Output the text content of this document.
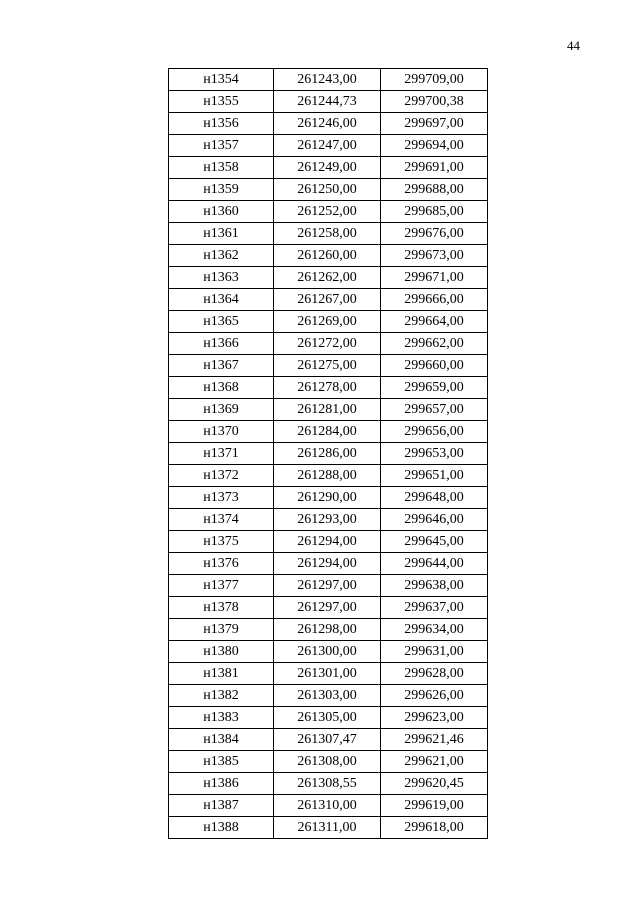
44
н1354	261243,00	299709,00
н1355	261244,73	299700,38
н1356	261246,00	299697,00
н1357	261247,00	299694,00
н1358	261249,00	299691,00
н1359	261250,00	299688,00
н1360	261252,00	299685,00
н1361	261258,00	299676,00
н1362	261260,00	299673,00
н1363	261262,00	299671,00
н1364	261267,00	299666,00
н1365	261269,00	299664,00
н1366	261272,00	299662,00
н1367	261275,00	299660,00
н1368	261278,00	299659,00
н1369	261281,00	299657,00
н1370	261284,00	299656,00
н1371	261286,00	299653,00
н1372	261288,00	299651,00
н1373	261290,00	299648,00
н1374	261293,00	299646,00
н1375	261294,00	299645,00
н1376	261294,00	299644,00
н1377	261297,00	299638,00
н1378	261297,00	299637,00
н1379	261298,00	299634,00
н1380	261300,00	299631,00
н1381	261301,00	299628,00
н1382	261303,00	299626,00
н1383	261305,00	299623,00
н1384	261307,47	299621,46
н1385	261308,00	299621,00
н1386	261308,55	299620,45
н1387	261310,00	299619,00
н1388	261311,00	299618,00
